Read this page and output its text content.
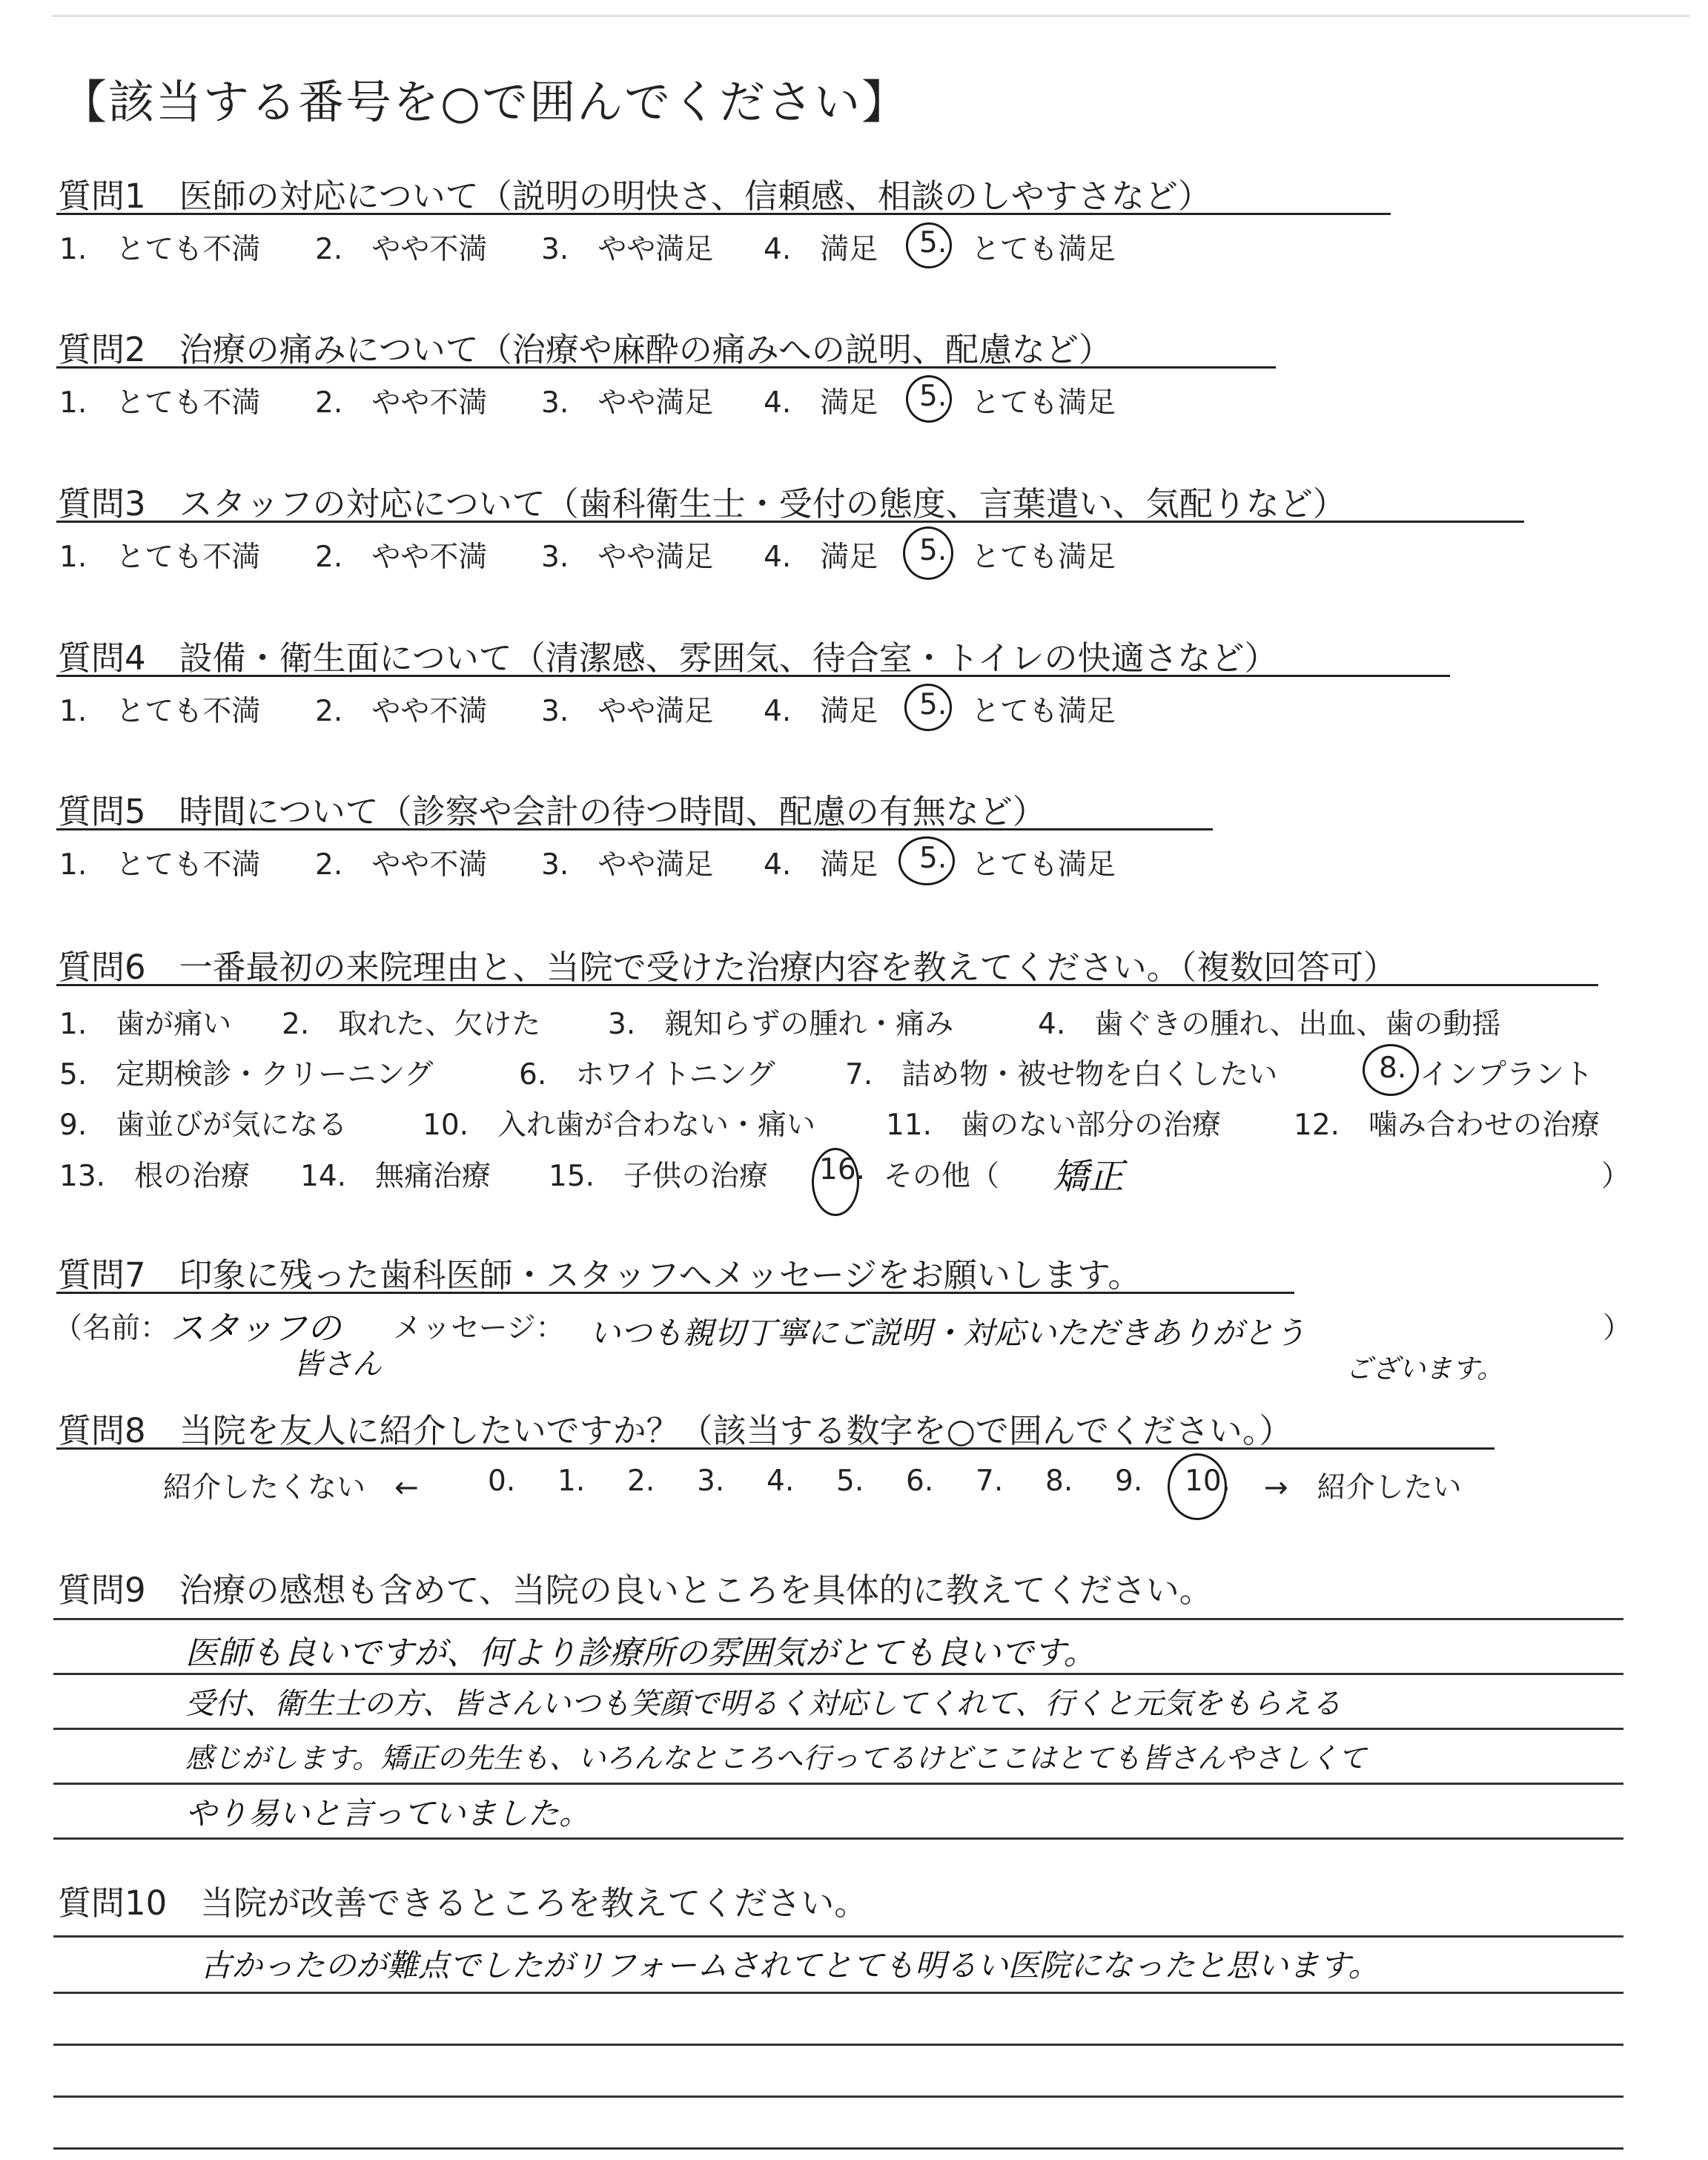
【該当する番号を○で囲んでください】
質問1　医師の対応について（説明の明快さ、信頼感、相談のしやすさなど）
1.　とても不満 2.　やや不満 3.　やや満足 4.　満足 5. とても満足
質問2　治療の痛みについて（治療や麻酔の痛みへの説明、配慮など）
1.　とても不満 2.　やや不満 3.　やや満足 4.　満足 5. とても満足
質問3　スタッフの対応について（歯科衛生士・受付の態度、言葉遣い、気配りなど）
1.　とても不満 2.　やや不満 3.　やや満足 4.　満足 5. とても満足
質問4　設備・衛生面について（清潔感、雰囲気、待合室・トイレの快適さなど）
1.　とても不満 2.　やや不満 3.　やや満足 4.　満足 5. とても満足
質問5　時間について（診察や会計の待つ時間、配慮の有無など）
1.　とても不満 2.　やや不満 3.　やや満足 4.　満足 5. とても満足
質問6　一番最初の来院理由と、当院で受けた治療内容を教えてください。（複数回答可）
1.　歯が痛い 2.　取れた、欠けた 3.　親知らずの腫れ・痛み	4.　歯ぐきの腫れ、出血、歯の動揺
5.　定期検診・クリーニング	6.　ホワイトニング 7.　詰め物・被せ物を白くしたい	8. インプラント
9.　歯並びが気になる	10.　入れ歯が合わない・痛い 11.　歯のない部分の治療	12.　噛み合わせの治療
13.　根の治療 14.　無痛治療 15.　子供の治療 16. その他（ 矯正	）
質問7　印象に残った歯科医師・スタッフへメッセージをお願いします。
（名前： スタッフの
皆さん
メッセージ： いつも親切丁寧にご説明・対応いただきありがとう
ございます。
）
質問8　当院を友人に紹介したいですか？（該当する数字を○で囲んでください。）
紹介したくない　← 0. 1. 2. 3. 4. 5. 6. 7. 8. 9. 10. →　紹介したい
質問9　治療の感想も含めて、当院の良いところを具体的に教えてください。
医師も良いですが、何より診療所の雰囲気がとても良いです。
受付、衛生士の方、皆さんいつも笑顔で明るく対応してくれて、行くと元気をもらえる
感じがします。矯正の先生も、いろんなところへ行ってるけどここはとても皆さんやさしくて
やり易いと言っていました。
質問10　当院が改善できるところを教えてください。
古かったのが難点でしたがリフォームされてとても明るい医院になったと思います。
